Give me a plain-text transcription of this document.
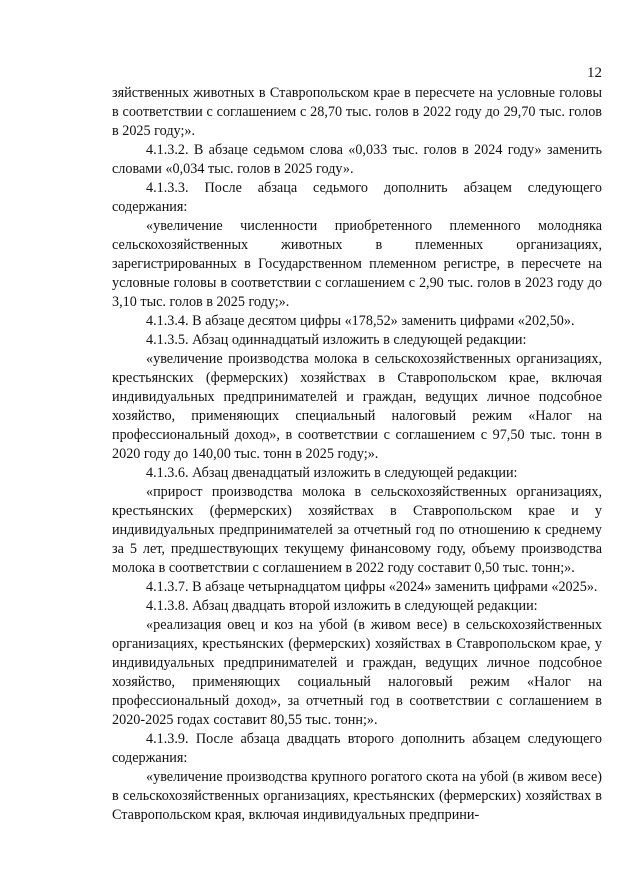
12

зяйственных животных в Ставропольском крае в пересчете на условные головы в соответствии с соглашением с 28,70 тыс. голов в 2022 году до 29,70 тыс. голов в 2025 году;».

4.1.3.2. В абзаце седьмом слова «0,033 тыс. голов в 2024 году» заменить словами «0,034 тыс. голов в 2025 году».

4.1.3.3. После абзаца седьмого дополнить абзацем следующего содержания:

«увеличение численности приобретенного племенного молодняка сельскохозяйственных животных в племенных организациях, зарегистрированных в Государственном племенном регистре, в пересчете на условные головы в соответствии с соглашением с 2,90 тыс. голов в 2023 году до 3,10 тыс. голов в 2025 году;».

4.1.3.4. В абзаце десятом цифры «178,52» заменить цифрами «202,50».

4.1.3.5. Абзац одиннадцатый изложить в следующей редакции:

«увеличение производства молока в сельскохозяйственных организациях, крестьянских (фермерских) хозяйствах в Ставропольском крае, включая индивидуальных предпринимателей и граждан, ведущих личное подсобное хозяйство, применяющих специальный налоговый режим «Налог на профессиональный доход», в соответствии с соглашением с 97,50 тыс. тонн в 2020 году до 140,00 тыс. тонн в 2025 году;».

4.1.3.6. Абзац двенадцатый изложить в следующей редакции:

«прирост производства молока в сельскохозяйственных организациях, крестьянских (фермерских) хозяйствах в Ставропольском крае и у индивидуальных предпринимателей за отчетный год по отношению к среднему за 5 лет, предшествующих текущему финансовому году, объему производства молока в соответствии с соглашением в 2022 году составит 0,50 тыс. тонн;».

4.1.3.7. В абзаце четырнадцатом цифры «2024» заменить цифрами «2025».

4.1.3.8. Абзац двадцать второй изложить в следующей редакции:

«реализация овец и коз на убой (в живом весе) в сельскохозяйственных организациях, крестьянских (фермерских) хозяйствах в Ставропольском крае, у индивидуальных предпринимателей и граждан, ведущих личное подсобное хозяйство, применяющих социальный налоговый режим «Налог на профессиональный доход», за отчетный год в соответствии с соглашением в 2020-2025 годах составит 80,55 тыс. тонн;».

4.1.3.9. После абзаца двадцать второго дополнить абзацем следующего содержания:

«увеличение производства крупного рогатого скота на убой (в живом весе) в сельскохозяйственных организациях, крестьянских (фермерских) хозяйствах в Ставропольском края, включая индивидуальных предприни-
